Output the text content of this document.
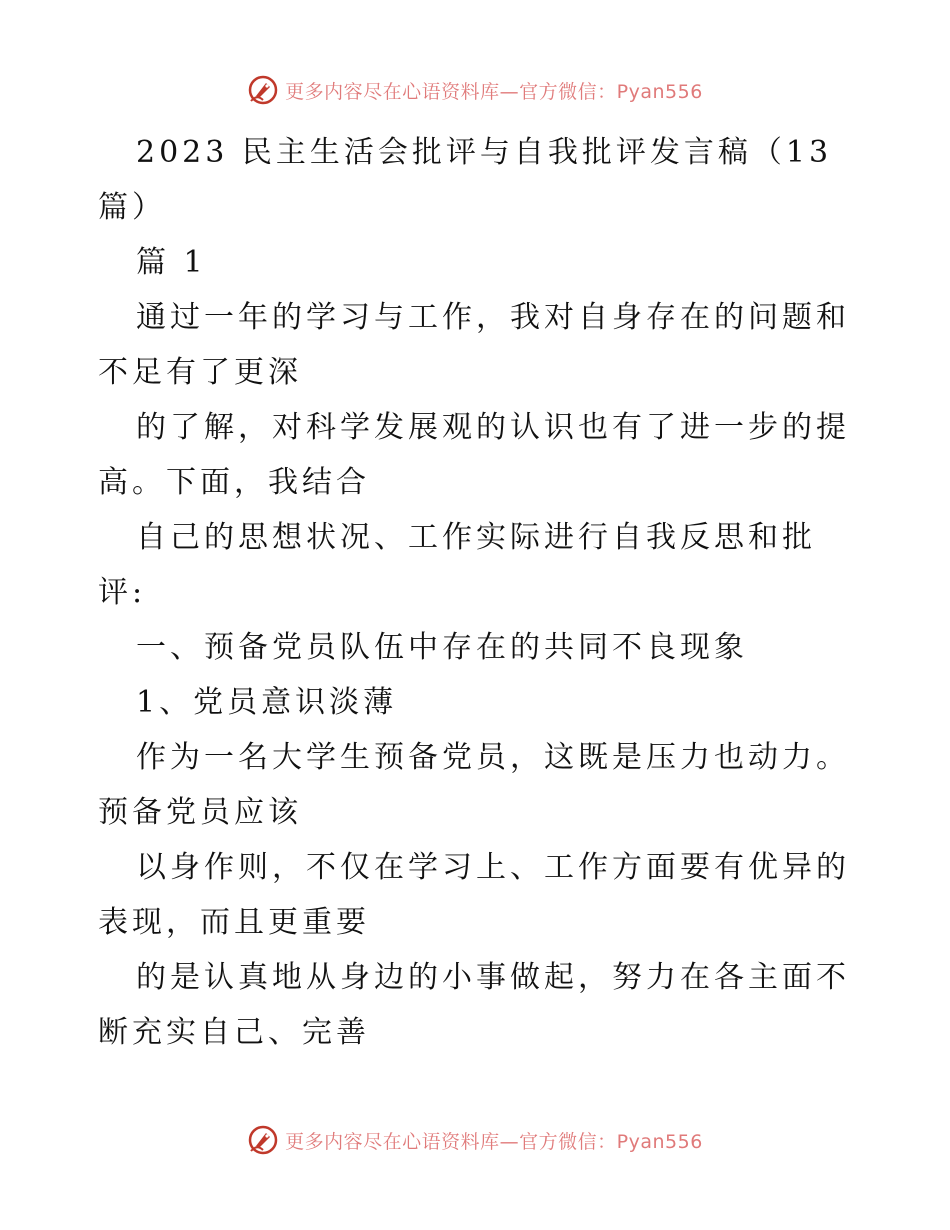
更多内容尽在心语资料库—官方微信：Pyan556
2023 民主生活会批评与自我批评发言稿（13
篇）
篇 1
通过一年的学习与工作，我对自身存在的问题和
不足有了更深
的了解，对科学发展观的认识也有了进一步的提
高。下面，我结合
自己的思想状况、工作实际进行自我反思和批
评:
一、预备党员队伍中存在的共同不良现象
1、党员意识淡薄
作为一名大学生预备党员，这既是压力也动力。
预备党员应该
以身作则，不仅在学习上、工作方面要有优异的
表现，而且更重要
的是认真地从身边的小事做起，努力在各主面不
断充实自己、完善
更多内容尽在心语资料库—官方微信：Pyan556
